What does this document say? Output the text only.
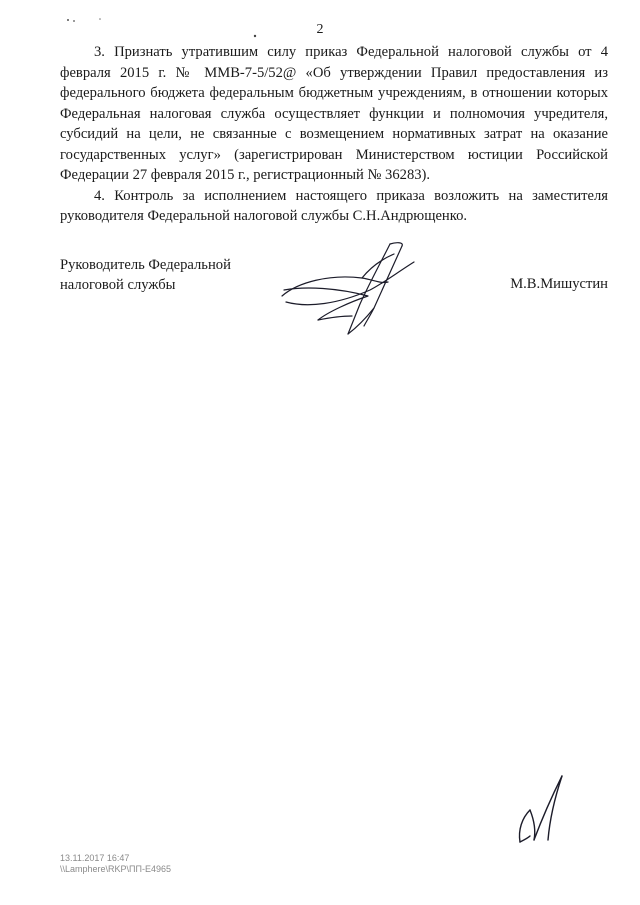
2

3. Признать утратившим силу приказ Федеральной налоговой службы от 4 февраля 2015 г. № ММВ-7-5/52@ «Об утверждении Правил предоставления из федерального бюджета федеральным бюджетным учреждениям, в отношении которых Федеральная налоговая служба осуществляет функции и полномочия учредителя, субсидий на цели, не связанные с возмещением нормативных затрат на оказание государственных услуг» (зарегистрирован Министерством юстиции Российской Федерации 27 февраля 2015 г., регистрационный № 36283).

4. Контроль за исполнением настоящего приказа возложить на заместителя руководителя Федеральной налоговой службы С.Н.Андрющенко.

Руководитель Федеральной
налоговой службы	М.В.Мишустин
13.11.2017 16:47
\\Lamphere\RKP\ПП-E4965
